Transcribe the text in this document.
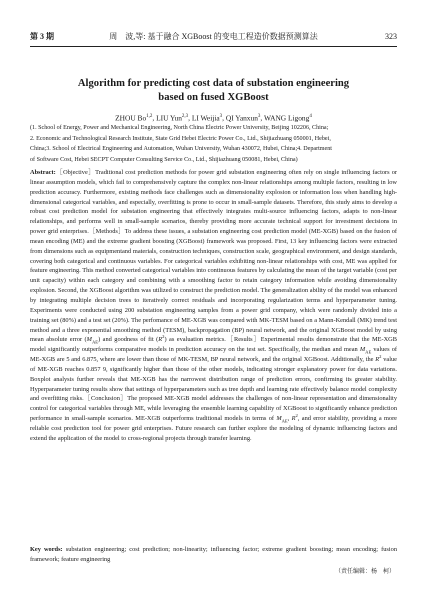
第 3 期	周　波,等: 基于融合 XGBoost 的变电工程造价数据预测算法	323
Algorithm for predicting cost data of substation engineering
based on fused XGBoost
ZHOU Bo$^{1,2}$, LIU Yun$^{2,3}$, LI Weijia$^3$, QI Yanxun$^3$, WANG Ligong$^4$

(1. School of Energy, Power and Mechanical Engineering, North China Electric Power University, Beijing 102206, China;

2. Economic and Technological Research Institute, State Grid Hebei Electric Power Co., Ltd., Shijiazhuang 050001, Hebei,

China;3. School of Electrical Engineering and Automation, Wuhan University, Wuhan 430072, Hubei, China;4. Department

of Software Cost, Hebei SECPT Computer Consulting Service Co., Ltd., Shijiazhuang 050081, Hebei, China)

Abstract:［Objective］Traditional cost prediction methods for power grid substation engineering often rely on single influencing factors or linear assumption models, which fail to comprehensively capture the complex non-linear relationships among multiple factors, resulting in low prediction accuracy. Furthermore, existing methods face challenges such as dimensionality explosion or information loss when handling high-dimensional categorical variables, and especially, overfitting is prone to occur in small-sample datasets. Therefore, this study aims to develop a robust cost prediction model for substation engineering that effectively integrates multi-source influencing factors, adapts to non-linear relationships, and performs well in small-sample scenarios, thereby providing more accurate technical support for investment decisions in power grid enterprises.［Methods］To address these issues, a substation engineering cost prediction model (ME-XGB) based on the fusion of mean encoding (ME) and the extreme gradient boosting (XGBoost) framework was proposed. First, 13 key influencing factors were extracted from dimensions such as equipmentand materials, construction techniques, construction scale, geographical environment, and design standards, covering both categorical and continuous variables. For categorical variables exhibiting non-linear relationships with cost, ME was applied for feature engineering. This method converted categorical variables into continuous features by calculating the mean of the target variable (cost per unit capacity) within each category and combining with a smoothing factor to retain category information while avoiding dimensionality explosion. Second, the XGBoost algorithm was utilized to construct the prediction model. The generalization ability of the model was enhanced by integrating multiple decision trees to iteratively correct residuals and incorporating regularization terms and hyperparameter tuning. Experiments were conducted using 200 substation engineering samples from a power grid company, which were randomly divided into a training set (80%) and a test set (20%). The perfomance of ME-XGB was compared with MK-TESM based on a Mann-Kendall (MK) trend test method and a three exponential smoothing method (TESM), backpropagation (BP) neural network, and the original XGBoost model by using mean absolute error $(M_{AE})$ and goodness of fit $(R^2)$ as evaluation metrics.［Results］Experimental results demonstrate that the ME-XGB model significantly outperforms comparative models in prediction accuracy on the test set. Specifically, the median and mean $M_{AE}$ values of ME-XGB are 5 and 6.875, where are lower than those of MK-TESM, BP neural network, and the original XGBoost. Additionally, the $R^2$ value of ME-XGB reaches 0.857 9, significantly higher than those of the other models, indicating stronger explanatory power for data variations. Boxplot analysis further reveals that ME-XGB has the narrowest distribution range of prediction errors, confirming its greater stability. Hyperparameter tuning results show that settings of hyperparameters such as tree depth and learning rate effectively balance model complexity and overfitting risks.［Conclusion］The proposed ME-XGB model addresses the challenges of non-linear representation and dimensionality control for categorical variables through ME, while leveraging the ensemble learning capability of XGBoost to significantly enhance prediction performance in small-sample scenarios. ME-XGB outperforms traditional models in terms of $M_{AE}$, $R^2$, and error stability, providing a more reliable cost prediction tool for power grid enterprises. Future research can further explore the modeling of dynamic influencing factors and extend the application of the model to cross-regional projects through transfer learning.

Key words: substation engineering; cost prediction; non-linearity; influencing factor; extreme gradient boosting; mean encoding; fusion framework; feature engineering
（责任编辑：杨　柯）
